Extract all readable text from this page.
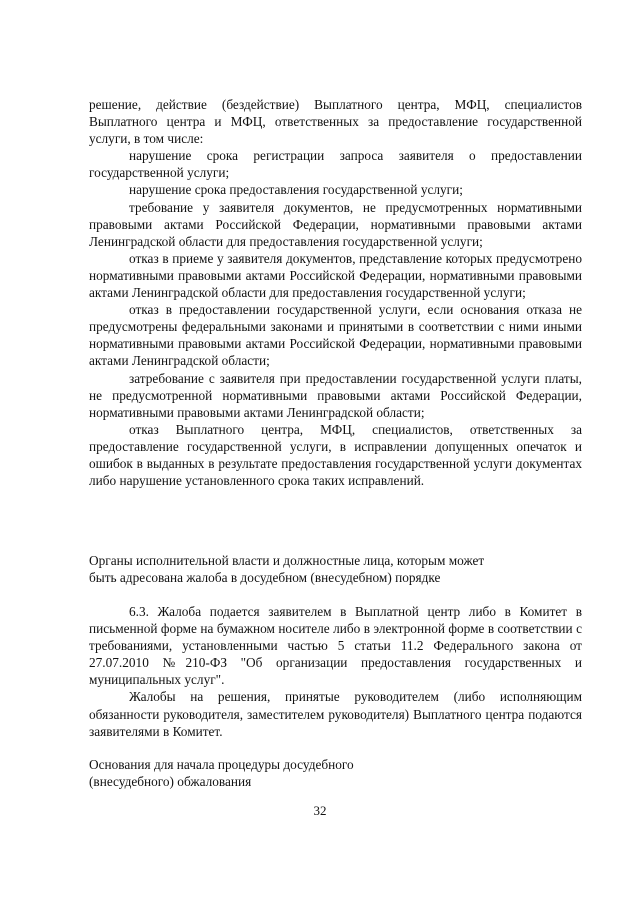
решение, действие (бездействие) Выплатного центра, МФЦ, специалистов Выплатного центра и МФЦ, ответственных за предоставление государственной услуги, в том числе:

нарушение срока регистрации запроса заявителя о предоставлении государственной услуги;

нарушение срока предоставления государственной услуги;

требование у заявителя документов, не предусмотренных нормативными правовыми актами Российской Федерации, нормативными правовыми актами Ленинградской области для предоставления государственной услуги;

отказ в приеме у заявителя документов, представление которых предусмотрено нормативными правовыми актами Российской Федерации, нормативными правовыми актами Ленинградской области для предоставления государственной услуги;

отказ в предоставлении государственной услуги, если основания отказа не предусмотрены федеральными законами и принятыми в соответствии с ними иными нормативными правовыми актами Российской Федерации, нормативными правовыми актами Ленинградской области;

затребование с заявителя при предоставлении государственной услуги платы, не предусмотренной нормативными правовыми актами Российской Федерации, нормативными правовыми актами Ленинградской области;

отказ Выплатного центра, МФЦ, специалистов, ответственных за предоставление государственной услуги, в исправлении допущенных опечаток и ошибок в выданных в результате предоставления государственной услуги документах либо нарушение установленного срока таких исправлений.

Органы исполнительной власти и должностные лица, которым может

быть адресована жалоба в досудебном (внесудебном) порядке

6.3. Жалоба подается заявителем в Выплатной центр либо в Комитет в письменной форме на бумажном носителе либо в электронной форме в соответствии с требованиями, установленными частью 5 статьи 11.2 Федерального закона от 27.07.2010 №210-ФЗ "Об организации предоставления государственных и муниципальных услуг".

Жалобы на решения, принятые руководителем (либо исполняющим обязанности руководителя, заместителем руководителя) Выплатного центра подаются заявителями в Комитет.

Основания для начала процедуры досудебного

(внесудебного) обжалования

32
